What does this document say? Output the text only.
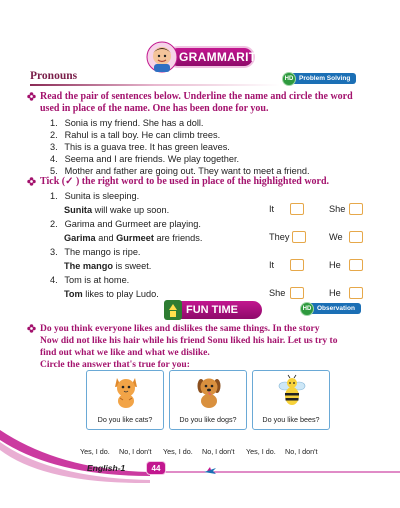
GRAMMARITE
Pronouns	HD Problem Solving
Read the pair of sentences below. Underline the name and circle the word
used in place of the name. One has been done for you.
1. Sonia is my friend. She has a doll.
2. Rahul is a tall boy. He can climb trees.
3. This is a guava tree. It has green leaves.
4. Seema and I are friends. We play together.
5. Mother and father are going out. They want to meet a friend.
Tick (✓ ) the right word to be used in place of the highlighted word.
1. Sunita is sleeping.
Sunita will wake up soon.	It	She
2. Garima and Gurmeet are playing.
Garima and Gurmeet are friends.	They	We
3. The mango is ripe.
The mango is sweet.	It	He
4. Tom is at home.
Tom likes to play Ludo.	She	He
FUN TIME	HD Observation
Do you think everyone likes and dislikes the same things. In the story
Now did not like his hair while his friend Sonu liked his hair. Let us try to
find out what we like and what we dislike.
Circle the answer that's true for you:
Do you like cats?	Do you like dogs?	Do you like bees?
Yes, I do. No, I don't Yes, I do. No, I don't Yes, I do. No, I don't
English-1	44
